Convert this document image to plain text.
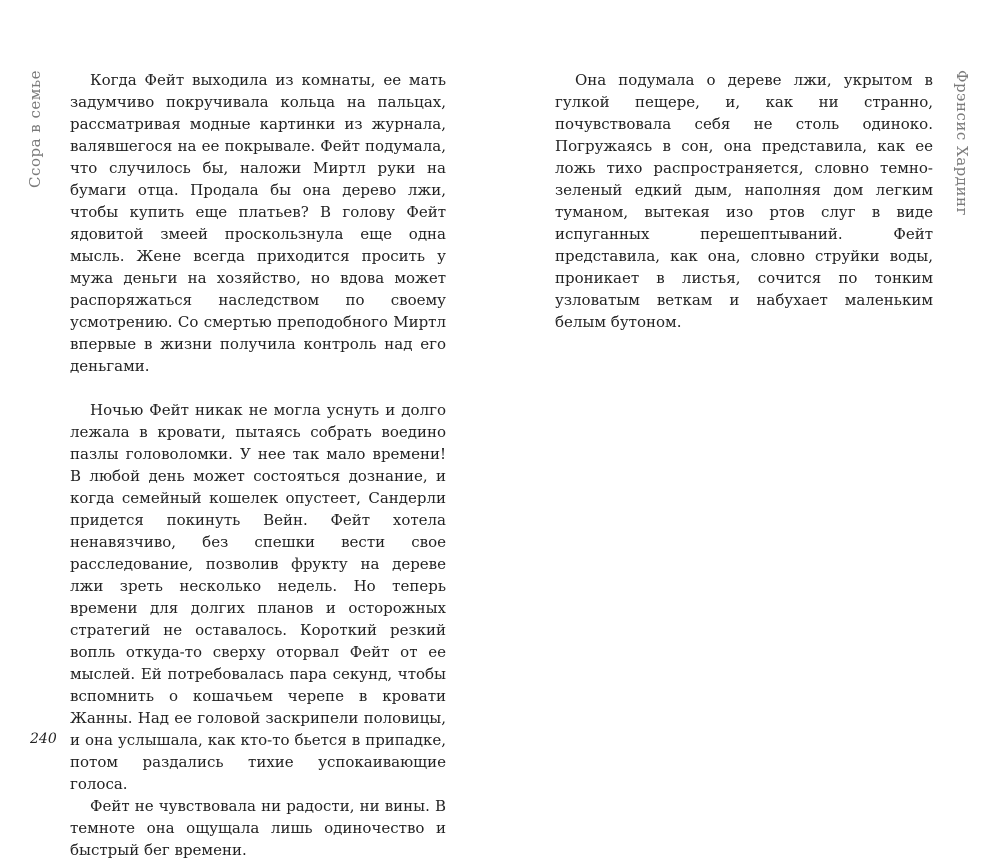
Ссора в семье	Когда Фейт выходила из комнаты, ее мать задумчиво покручивала кольца на пальцах, рассматривая модные картинки из журнала, валявшегося на ее покрывале. Фейт подумала, что случилось бы, наложи Миртл руки на бумаги отца. Продала бы она дерево лжи, чтобы купить еще платьев? В голову Фейт ядовитой змеей проскользнула еще одна мысль. Жене всегда приходится просить у мужа деньги на хозяйство, но вдова может распоряжаться наследством по своему усмотрению. Со смертью преподобного Миртл впервые в жизни получила контроль над его деньгами.

Ночью Фейт никак не могла уснуть и долго лежала в кровати, пытаясь собрать воедино пазлы головоломки. У нее так мало времени! В любой день может состояться дознание, и когда семейный кошелек опустеет, Сандерли придется покинуть Вейн. Фейт хотела ненавязчиво, без спешки вести свое расследование, позволив фрукту на дереве лжи зреть несколько недель. Но теперь времени для долгих планов и осторожных стратегий не оставалось. Короткий резкий вопль откуда-то сверху оторвал Фейт от ее мыслей. Ей потребовалась пара секунд, чтобы вспомнить о кошачьем черепе в кровати Жанны. Над ее головой заскрипели половицы, и она услышала, как кто-то бьется в припадке, потом раздались тихие успокаивающие голоса.

Фейт не чувствовала ни радости, ни вины. В темноте она ощущала лишь одиночество и быстрый бег времени.

240

Она подумала о дереве лжи, укрытом в гулкой пещере, и, как ни странно, почувствовала себя не столь одиноко. Погружаясь в сон, она представила, как ее ложь тихо распространяется, словно темно-зеленый едкий дым, наполняя дом легким туманом, вытекая изо ртов слуг в виде испуганных перешептываний. Фейт представила, как она, словно струйки воды, проникает в листья, сочится по тонким узловатым веткам и набухает маленьким белым бутоном.

Фрэнсис Хардинг
